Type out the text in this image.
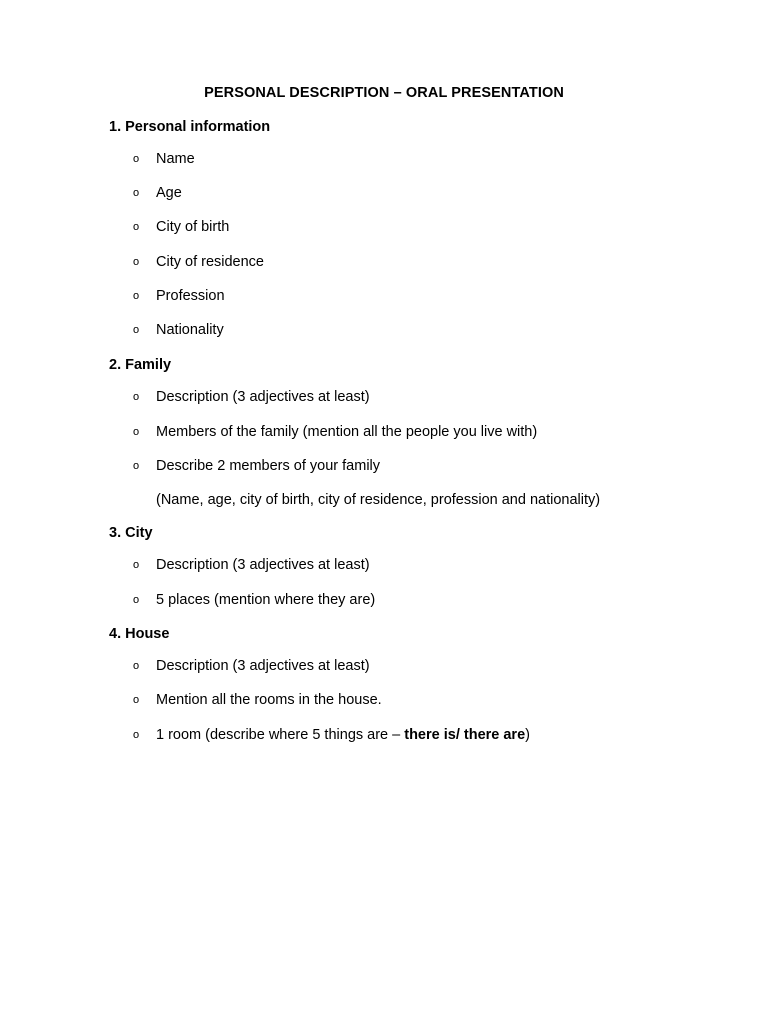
PERSONAL DESCRIPTION – ORAL PRESENTATION
1. Personal information
o Name
o Age
o City of birth
o City of residence
o Profession
o Nationality
2. Family
o Description (3 adjectives at least)
o Members of the family (mention all the people you live with)
o Describe 2 members of your family
(Name, age, city of birth, city of residence, profession and nationality)
3. City
o Description (3 adjectives at least)
o 5 places (mention where they are)
4. House
o Description (3 adjectives at least)
o Mention all the rooms in the house.
o 1 room (describe where 5 things are – there is/ there are)
